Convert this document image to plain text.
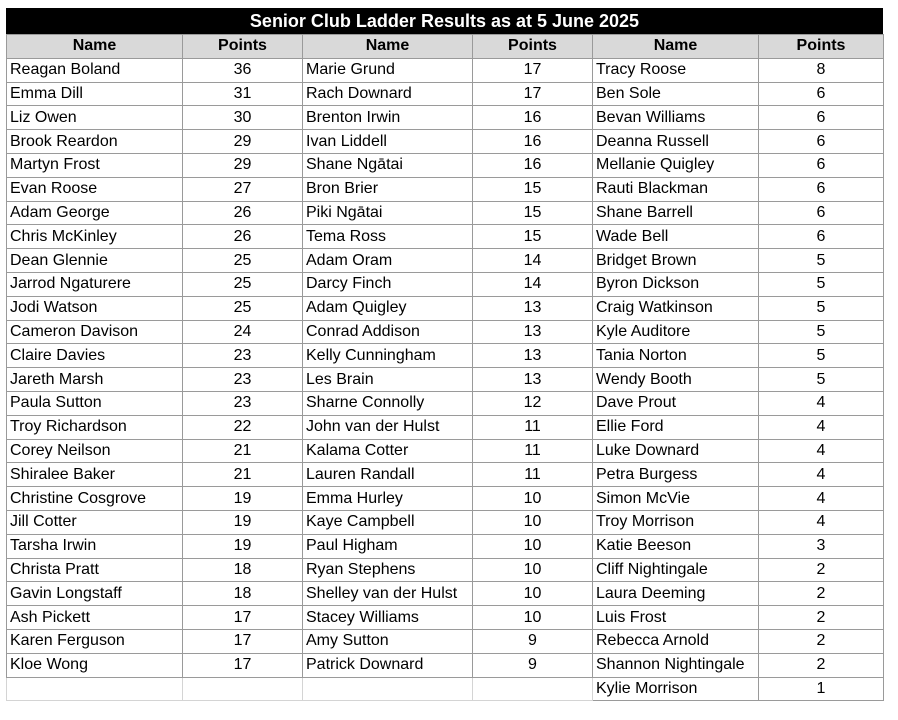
Senior Club Ladder Results as at 5 June 2025
Name	Points	Name	Points	Name	Points
Reagan Boland	36	Marie Grund	17	Tracy Roose	8
Emma Dill	31	Rach Downard	17	Ben Sole	6
Liz Owen	30	Brenton Irwin	16	Bevan Williams	6
Brook Reardon	29	Ivan Liddell	16	Deanna Russell	6
Martyn Frost	29	Shane Ngātai	16	Mellanie Quigley	6
Evan Roose	27	Bron Brier	15	Rauti Blackman	6
Adam George	26	Piki Ngātai	15	Shane Barrell	6
Chris McKinley	26	Tema Ross	15	Wade Bell	6
Dean Glennie	25	Adam Oram	14	Bridget Brown	5
Jarrod Ngaturere	25	Darcy Finch	14	Byron Dickson	5
Jodi Watson	25	Adam Quigley	13	Craig Watkinson	5
Cameron Davison	24	Conrad Addison	13	Kyle Auditore	5
Claire Davies	23	Kelly Cunningham	13	Tania Norton	5
Jareth Marsh	23	Les Brain	13	Wendy Booth	5
Paula Sutton	23	Sharne Connolly	12	Dave Prout	4
Troy Richardson	22	John van der Hulst	11	Ellie Ford	4
Corey Neilson	21	Kalama Cotter	11	Luke Downard	4
Shiralee Baker	21	Lauren Randall	11	Petra Burgess	4
Christine Cosgrove	19	Emma Hurley	10	Simon McVie	4
Jill Cotter	19	Kaye Campbell	10	Troy Morrison	4
Tarsha Irwin	19	Paul Higham	10	Katie Beeson	3
Christa Pratt	18	Ryan Stephens	10	Cliff Nightingale	2
Gavin Longstaff	18	Shelley van der Hulst	10	Laura Deeming	2
Ash Pickett	17	Stacey Williams	10	Luis Frost	2
Karen Ferguson	17	Amy Sutton	9	Rebecca Arnold	2
Kloe Wong	17	Patrick Downard	9	Shannon Nightingale	2
				Kylie Morrison	1
